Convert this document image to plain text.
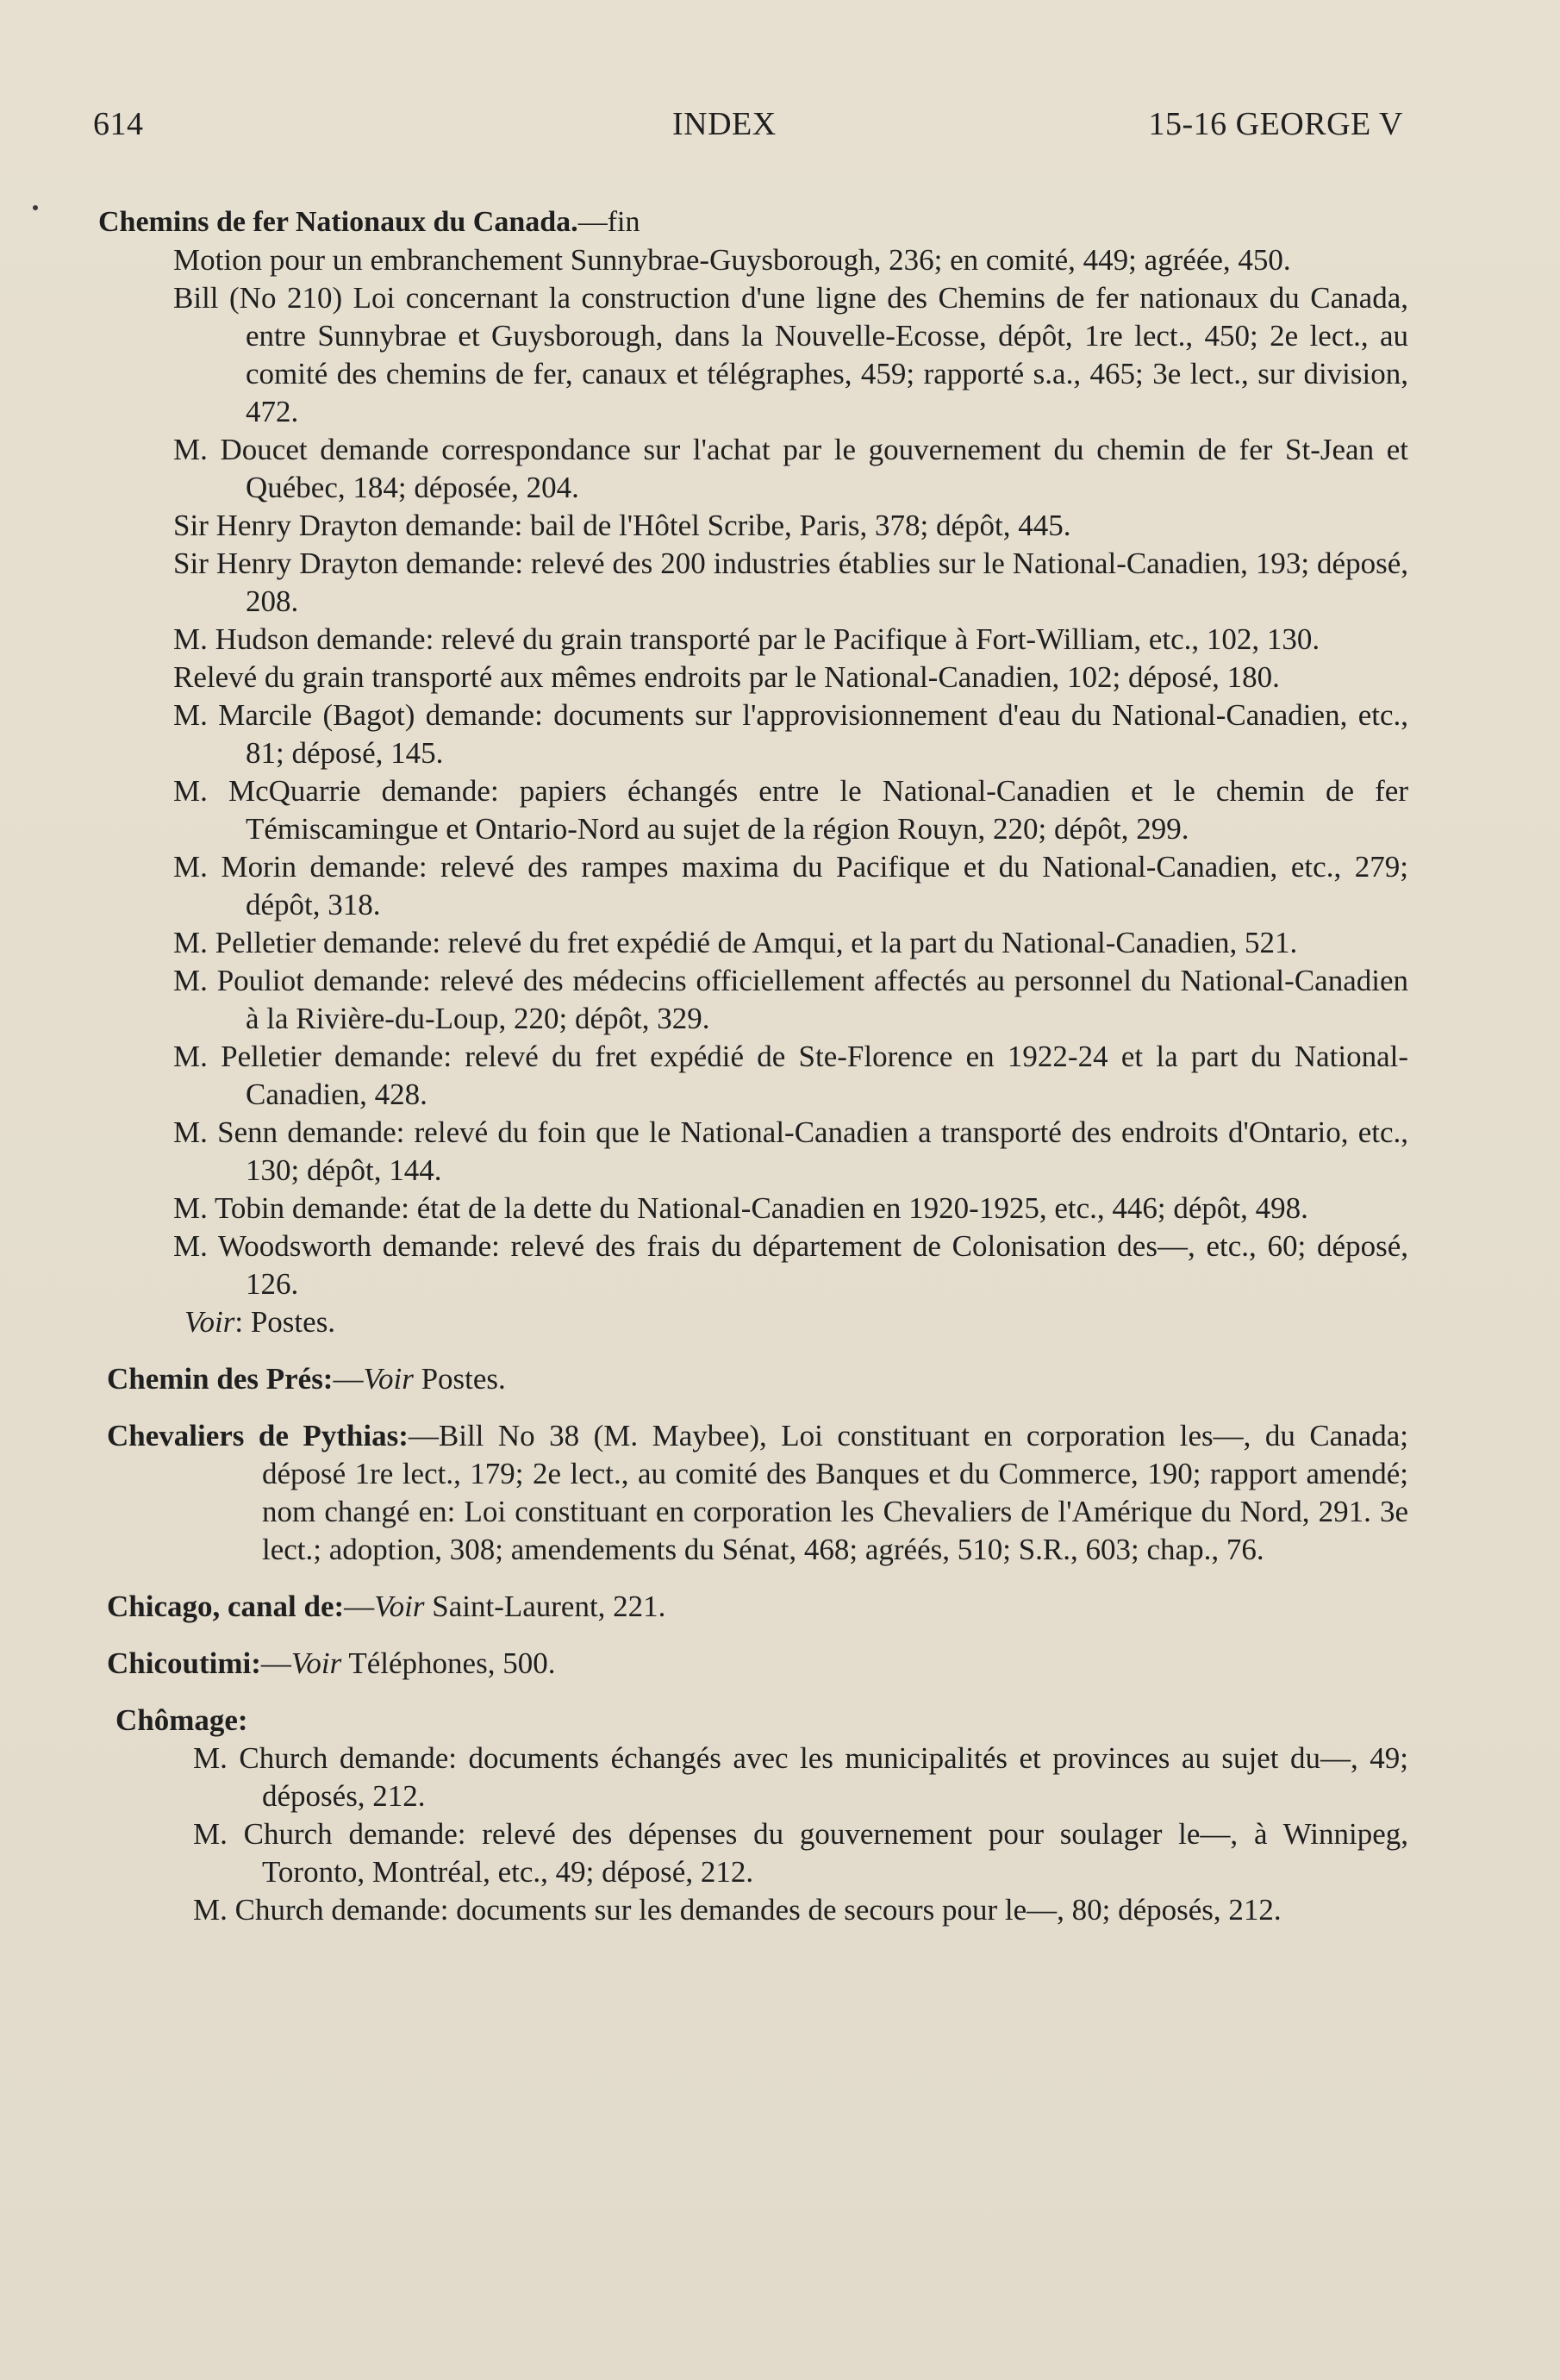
614	INDEX	15-16 GEORGE V
Chemins de fer Nationaux du Canada.—fin
Motion pour un embranchement Sunnybrae-Guysborough, 236; en comité, 449; agréée, 450.
Bill (No 210) Loi concernant la construction d'une ligne des Chemins de fer nationaux du Canada, entre Sunnybrae et Guysborough, dans la Nouvelle-Ecosse, dépôt, 1re lect., 450; 2e lect., au comité des chemins de fer, canaux et télégraphes, 459; rapporté s.a., 465; 3e lect., sur division, 472.
M. Doucet demande correspondance sur l'achat par le gouvernement du chemin de fer St-Jean et Québec, 184; déposée, 204.
Sir Henry Drayton demande: bail de l'Hôtel Scribe, Paris, 378; dépôt, 445.
Sir Henry Drayton demande: relevé des 200 industries établies sur le National-Canadien, 193; déposé, 208.
M. Hudson demande: relevé du grain transporté par le Pacifique à Fort-William, etc., 102, 130.
Relevé du grain transporté aux mêmes endroits par le National-Canadien, 102; déposé, 180.
M. Marcile (Bagot) demande: documents sur l'approvisionnement d'eau du National-Canadien, etc., 81; déposé, 145.
M. McQuarrie demande: papiers échangés entre le National-Canadien et le chemin de fer Témiscamingue et Ontario-Nord au sujet de la région Rouyn, 220; dépôt, 299.
M. Morin demande: relevé des rampes maxima du Pacifique et du National-Canadien, etc., 279; dépôt, 318.
M. Pelletier demande: relevé du fret expédié de Amqui, et la part du National-Canadien, 521.
M. Pouliot demande: relevé des médecins officiellement affectés au personnel du National-Canadien à la Rivière-du-Loup, 220; dépôt, 329.
M. Pelletier demande: relevé du fret expédié de Ste-Florence en 1922-24 et la part du National-Canadien, 428.
M. Senn demande: relevé du foin que le National-Canadien a transporté des endroits d'Ontario, etc., 130; dépôt, 144.
M. Tobin demande: état de la dette du National-Canadien en 1920-1925, etc., 446; dépôt, 498.
M. Woodsworth demande: relevé des frais du département de Colonisation des—, etc., 60; déposé, 126.
Voir: Postes.
Chemin des Prés:—Voir Postes.
Chevaliers de Pythias:—Bill No 38 (M. Maybee), Loi constituant en corporation les—, du Canada; déposé 1re lect., 179; 2e lect., au comité des Banques et du Commerce, 190; rapport amendé; nom changé en: Loi constituant en corporation les Chevaliers de l'Amérique du Nord, 291. 3e lect.; adoption, 308; amendements du Sénat, 468; agréés, 510; S.R., 603; chap., 76.
Chicago, canal de:—Voir Saint-Laurent, 221.
Chicoutimi:—Voir Téléphones, 500.
Chômage:
M. Church demande: documents échangés avec les municipalités et provinces au sujet du—, 49; déposés, 212.
M. Church demande: relevé des dépenses du gouvernement pour soulager le—, à Winnipeg, Toronto, Montréal, etc., 49; déposé, 212.
M. Church demande: documents sur les demandes de secours pour le—, 80; déposés, 212.
